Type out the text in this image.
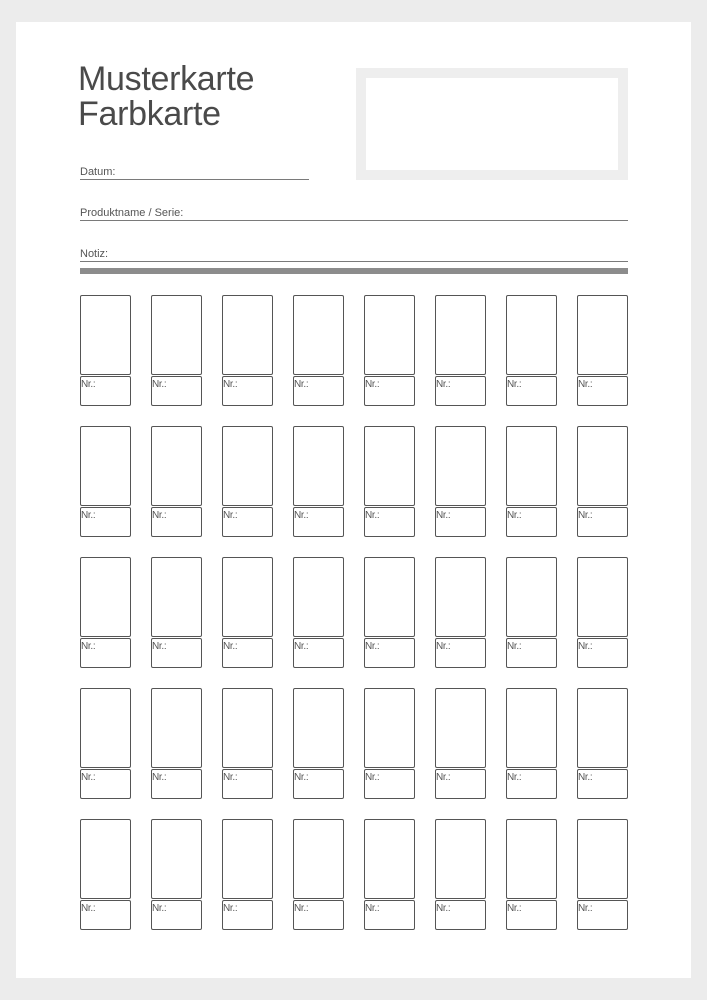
Musterkarte
Farbkarte
Datum:
Produktname / Serie:
Notiz:
Nr.:	Nr.:	Nr.:	Nr.:	Nr.:	Nr.:	Nr.:	Nr.:
Nr.:	Nr.:	Nr.:	Nr.:	Nr.:	Nr.:	Nr.:	Nr.:
Nr.:	Nr.:	Nr.:	Nr.:	Nr.:	Nr.:	Nr.:	Nr.:
Nr.:	Nr.:	Nr.:	Nr.:	Nr.:	Nr.:	Nr.:	Nr.:
Nr.:	Nr.:	Nr.:	Nr.:	Nr.:	Nr.:	Nr.:	Nr.:
